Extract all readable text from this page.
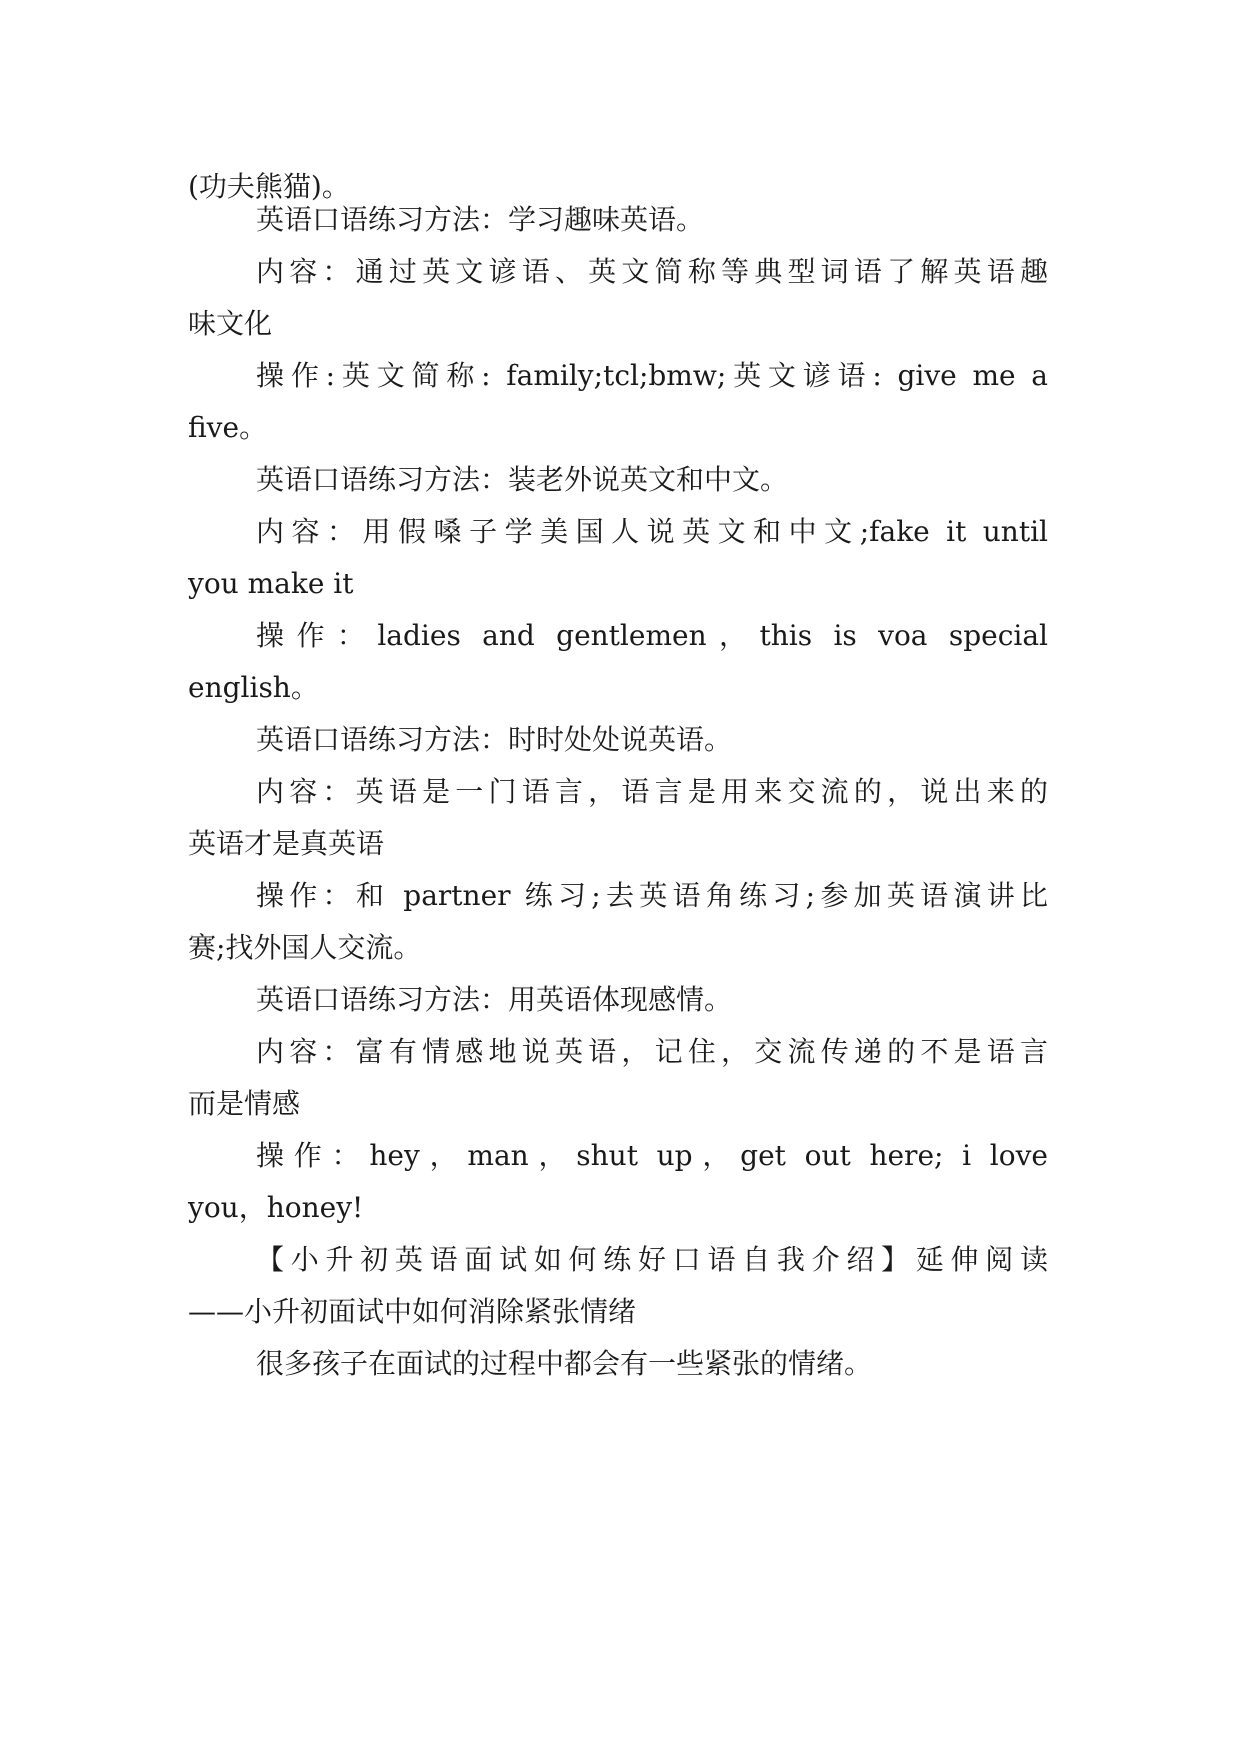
(功夫熊猫)。
英语口语练习方法：学习趣味英语。
内容：通过英文谚语、英文简称等典型词语了解英语趣
味文化
操作:英文简称: family;tcl;bmw;英文谚语: give me a
five。
英语口语练习方法：装老外说英文和中文。
内容：用假嗓子学美国人说英文和中文;fake it until
you make it
操作：ladies and gentlemen，this is voa special
english。
英语口语练习方法：时时处处说英语。
内容：英语是一门语言，语言是用来交流的，说出来的
英语才是真英语
操作：和 partner 练习;去英语角练习;参加英语演讲比
赛;找外国人交流。
英语口语练习方法：用英语体现感情。
内容：富有情感地说英语，记住，交流传递的不是语言
而是情感
操作：hey，man，shut up，get out here; i love
you，honey!
【小升初英语面试如何练好口语自我介绍】延伸阅读
——小升初面试中如何消除紧张情绪
很多孩子在面试的过程中都会有一些紧张的情绪。
